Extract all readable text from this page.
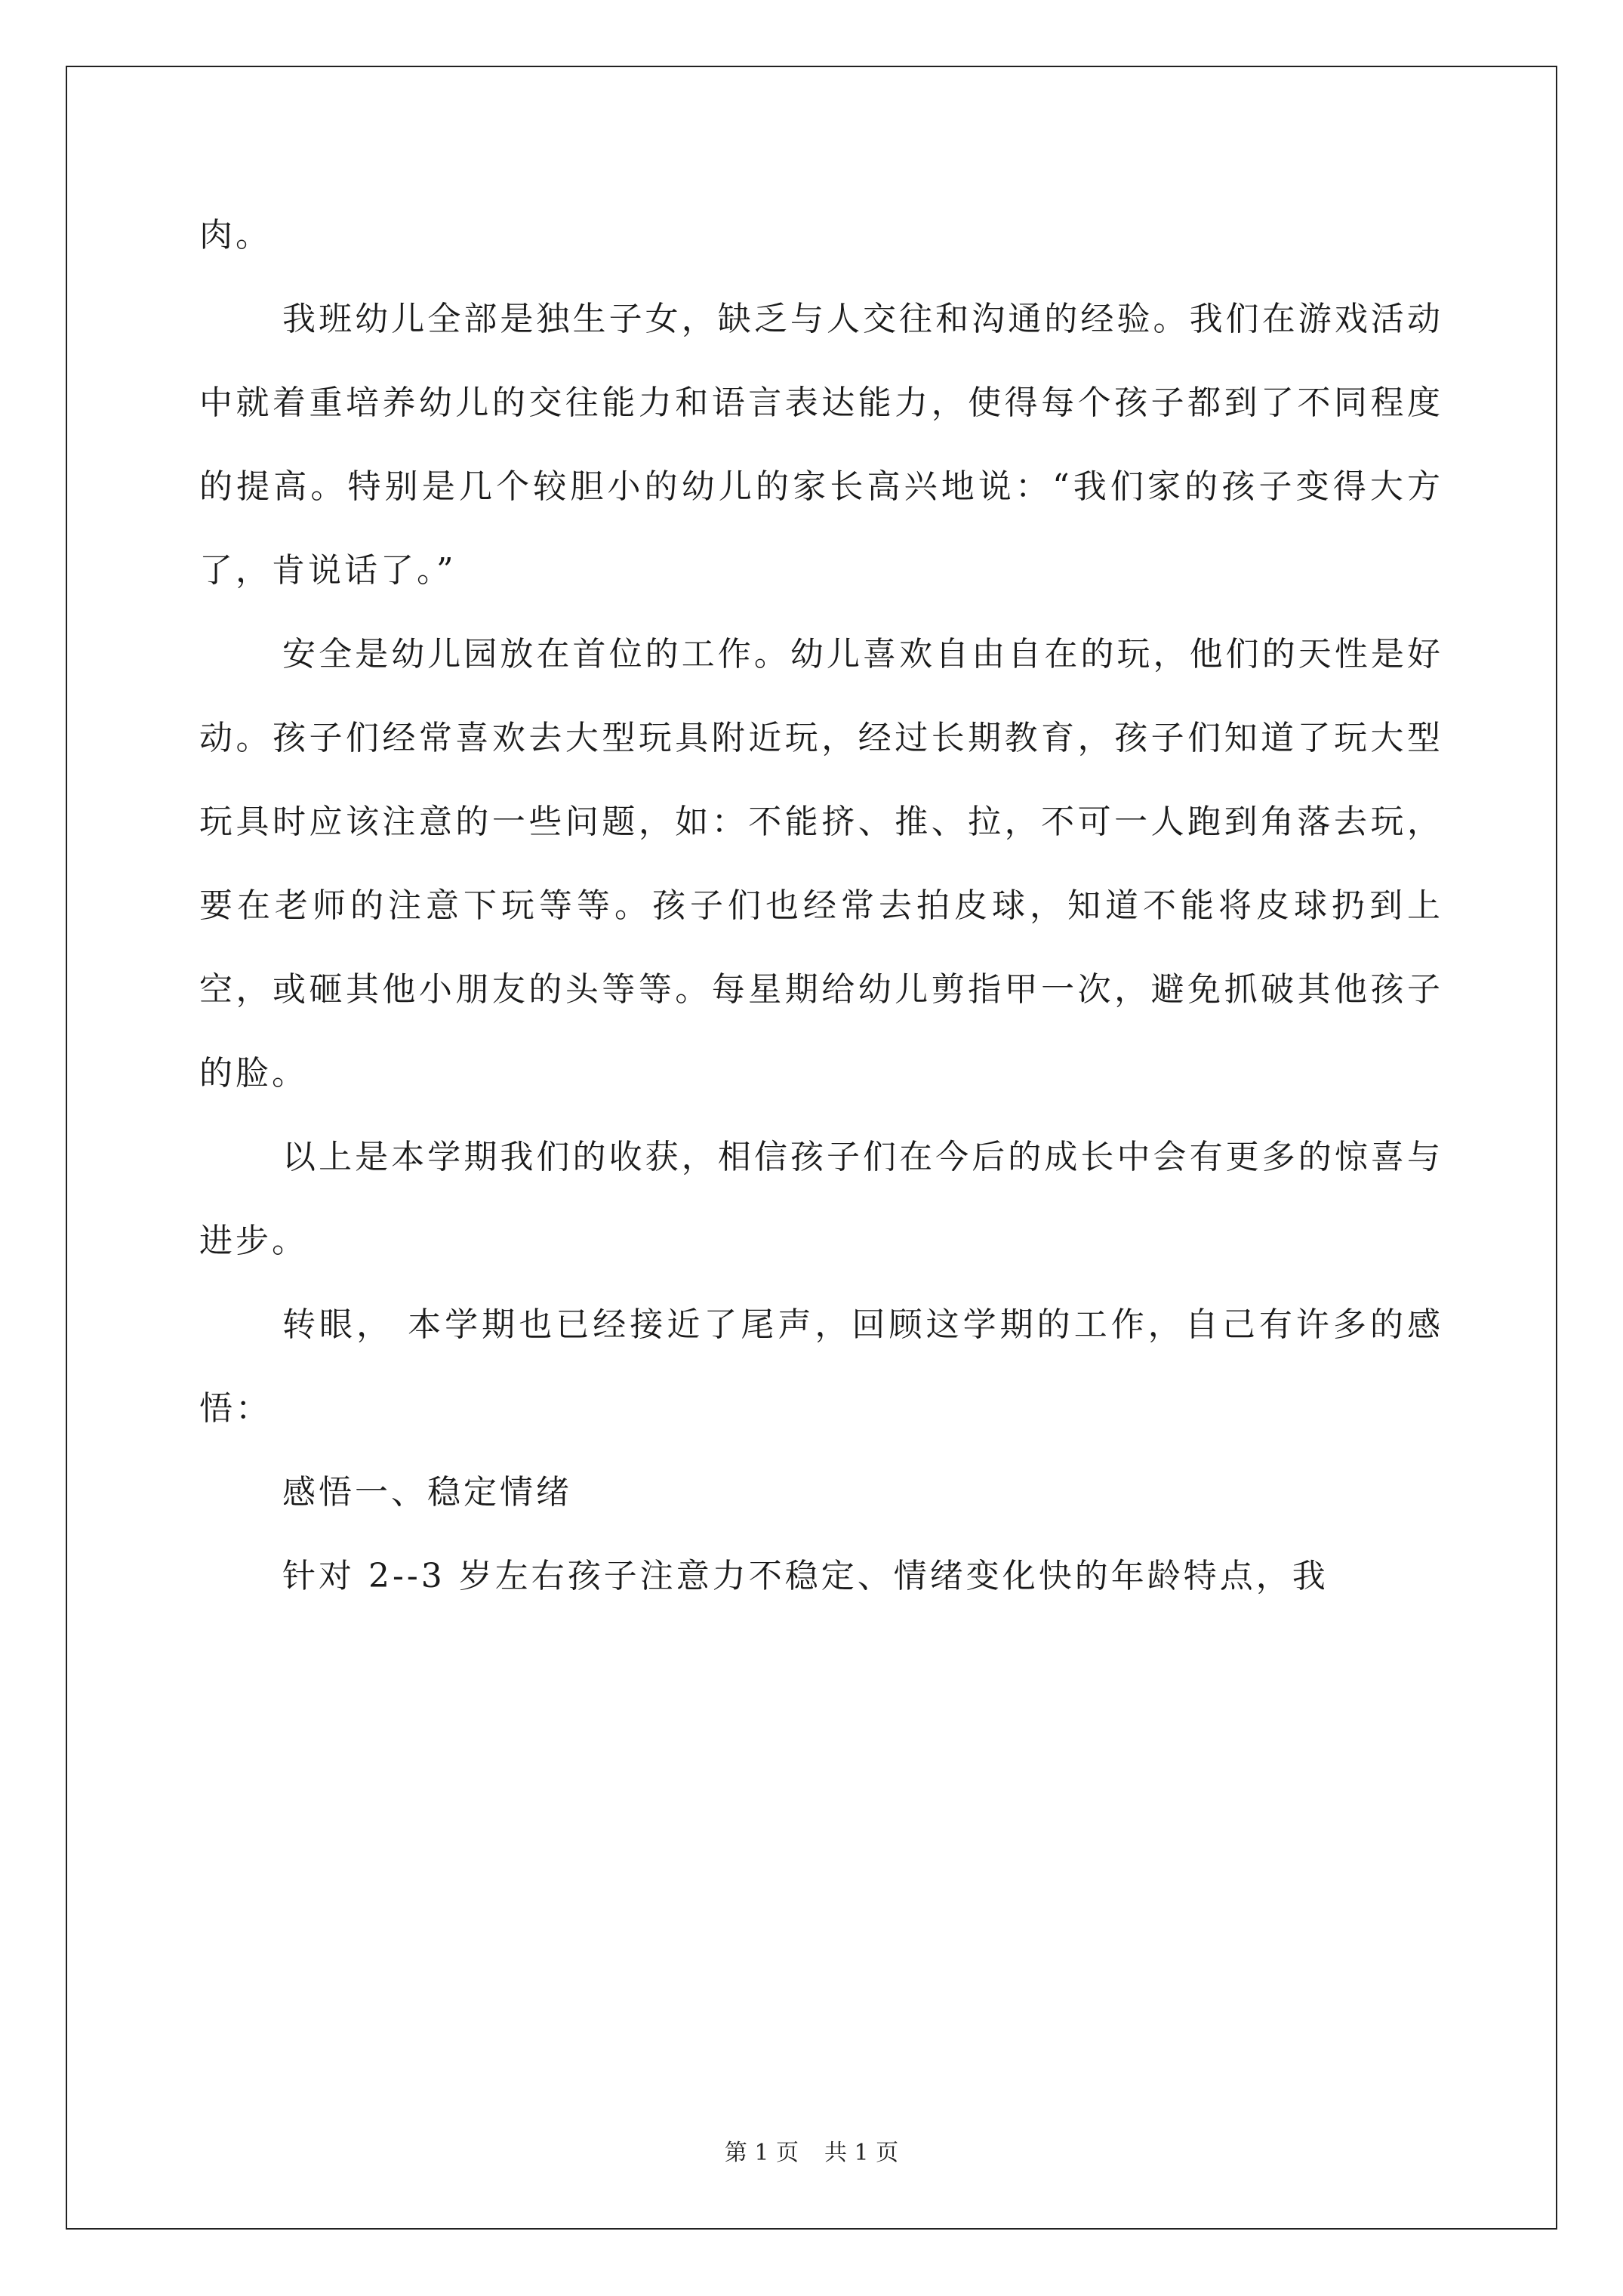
肉。

我班幼儿全部是独生子女，缺乏与人交往和沟通的经验。我们在游戏活动中就着重培养幼儿的交往能力和语言表达能力，使得每个孩子都到了不同程度的提高。特别是几个较胆小的幼儿的家长高兴地说：“我们家的孩子变得大方了，肯说话了。”

安全是幼儿园放在首位的工作。幼儿喜欢自由自在的玩，他们的天性是好动。孩子们经常喜欢去大型玩具附近玩，经过长期教育，孩子们知道了玩大型玩具时应该注意的一些问题，如：不能挤、推、拉，不可一人跑到角落去玩，要在老师的注意下玩等等。孩子们也经常去拍皮球，知道不能将皮球扔到上空，或砸其他小朋友的头等等。每星期给幼儿剪指甲一次，避免抓破其他孩子的脸。

以上是本学期我们的收获，相信孩子们在今后的成长中会有更多的惊喜与进步。

转眼， 本学期也已经接近了尾声，回顾这学期的工作，自己有许多的感悟：

感悟一、稳定情绪

针对 2--3 岁左右孩子注意力不稳定、情绪变化快的年龄特点，我

第 1 页 共 1 页
